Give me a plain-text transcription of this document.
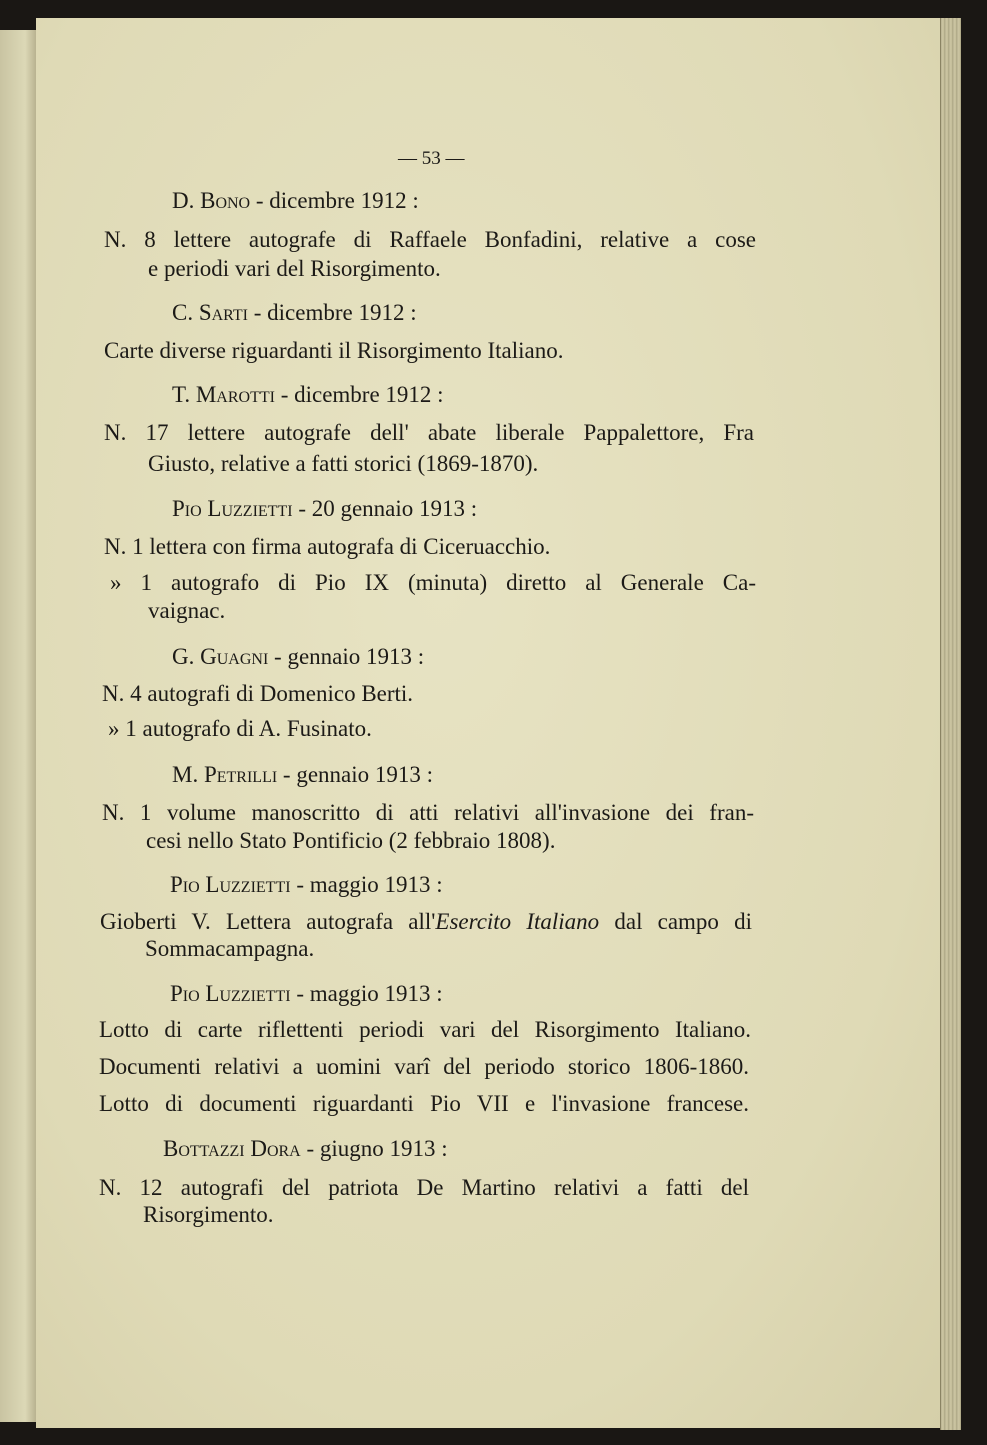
— 53 —
D. Bono - dicembre 1912 :
N. 8 lettere autografe di Raffaele Bonfadini, relative a cose
e periodi vari del Risorgimento.
C. Sarti - dicembre 1912 :
Carte diverse riguardanti il Risorgimento Italiano.
T. Marotti - dicembre 1912 :
N. 17 lettere autografe dell' abate liberale Pappalettore, Fra
Giusto, relative a fatti storici (1869-1870).
Pio Luzzietti - 20 gennaio 1913 :
N. 1 lettera con firma autografa di Ciceruacchio.
» 1 autografo di Pio IX (minuta) diretto al Generale Ca-
vaignac.
G. Guagni - gennaio 1913 :
N. 4 autografi di Domenico Berti.
» 1 autografo di A. Fusinato.
M. Petrilli - gennaio 1913 :
N. 1 volume manoscritto di atti relativi all'invasione dei fran-
cesi nello Stato Pontificio (2 febbraio 1808).
Pio Luzzietti - maggio 1913 :
Gioberti V. Lettera autografa all'Esercito Italiano dal campo di
Sommacampagna.
Pio Luzzietti - maggio 1913 :
Lotto di carte riflettenti periodi vari del Risorgimento Italiano.
Documenti relativi a uomini varî del periodo storico 1806-1860.
Lotto di documenti riguardanti Pio VII e l'invasione francese.
Bottazzi Dora - giugno 1913 :
N. 12 autografi del patriota De Martino relativi a fatti del
Risorgimento.
